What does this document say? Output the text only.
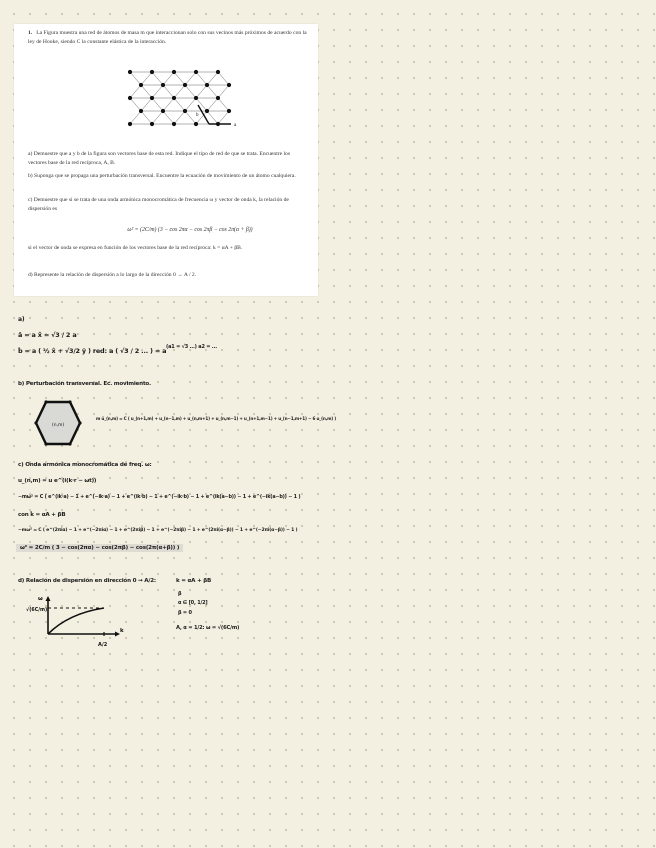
1. La Figura muestra una red de átomos de masa m que interaccionan solo con sus vecinos más próximos de acuerdo con la ley de Hooke, siendo C la constante elástica de la interacción.
a
b
a) Demuestre que a y b de la figura son vectores base de esta red. Indique el tipo de red de que se trata. Encuentre los vectores base de la red recíproca, A, B.
b) Suponga que se propaga una perturbación transversal. Encuentre la ecuación de movimiento de un átomo cualquiera.
c) Demuestre que si se trata de una onda armónica monocromática de frecuencia ω y vector de onda k, la relación de dispersión es
ω² = (2C/m) (3 − cos 2πα − cos 2πβ − cos 2π(α + β))
si el vector de onda se expresa en función de los vectores base de la red recíproca: k = αA + βB.
d) Represente la relación de dispersión a lo largo de la dirección 0 → A / 2.
a)
â = a x̂ = √3 / 2 a
b̂ = a ( ½ x̂ + √3/2 ŷ ) red: a ( √3 / 2 ... ) = a (a1 = √3 ...) a2 = ...
b) Perturbación transversal. Ec. movimiento.
(n,m)
m ü_(n,m) = C ( u_(n+1,m) + u_(n−1,m) + u_(n,m+1) + u_(n,m−1) + u_(n+1,m−1) + u_(n−1,m+1) − 6 u_(n,m) )
c) Onda armónica monocromática de freq. ω:
u_(n,m) = u e^(i(k·r − ωt))
−mω² = C ( e^(ik·a) − 1 + e^(−ik·a) − 1 + e^(ik·b) − 1 + e^(−ik·b) − 1 + e^(ik(a−b)) − 1 + e^(−ik(a−b)) − 1 )
con k̄ = αA + βB
−mω² = C ( e^(2πiα) − 1 + e^(−2πiα) − 1 + e^(2πiβ) − 1 + e^(−2πiβ) − 1 + e^(2πi(α−β)) − 1 + e^(−2πi(α−β)) − 1 )
ω² = 2C/m ( 3 − cos(2πα) − cos(2πβ) − cos(2π(α+β)) )
d) Relación de dispersión en dirección 0 → A/2:
ω
√(6C/m)
k
A/2
k = αA + βB
β
α ∈ [0, 1/2]
β = 0
A, α = 1/2: ω = √(6C/m)
